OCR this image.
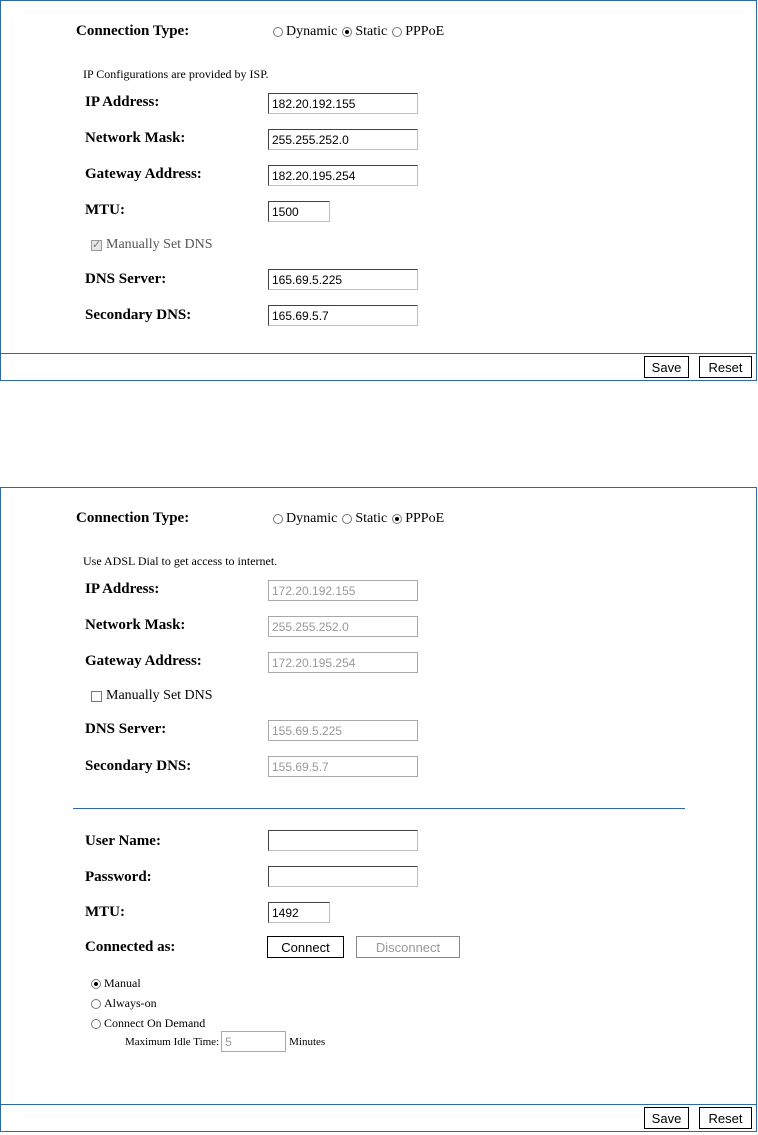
Connection Type:	Dynamic Static PPPoE
IP Configurations are provided by ISP.
IP Address:	182.20.192.155
Network Mask:	255.255.252.0
Gateway Address:	182.20.195.254
MTU:	1500
✓
Manually Set DNS
DNS Server:	165.69.5.225
Secondary DNS:	165.69.5.7
Save	Reset
Connection Type:	Dynamic Static PPPoE
Use ADSL Dial to get access to internet.
IP Address:	172.20.192.155
Network Mask:	255.255.252.0
Gateway Address:	172.20.195.254
Manually Set DNS
DNS Server:	155.69.5.225
Secondary DNS:	155.69.5.7
User Name:
Password:
MTU:	1492
Connected as:	Connect	Disconnect
Manual
Always-on
Connect On Demand
Maximum Idle Time: 5	Minutes
Save	Reset
